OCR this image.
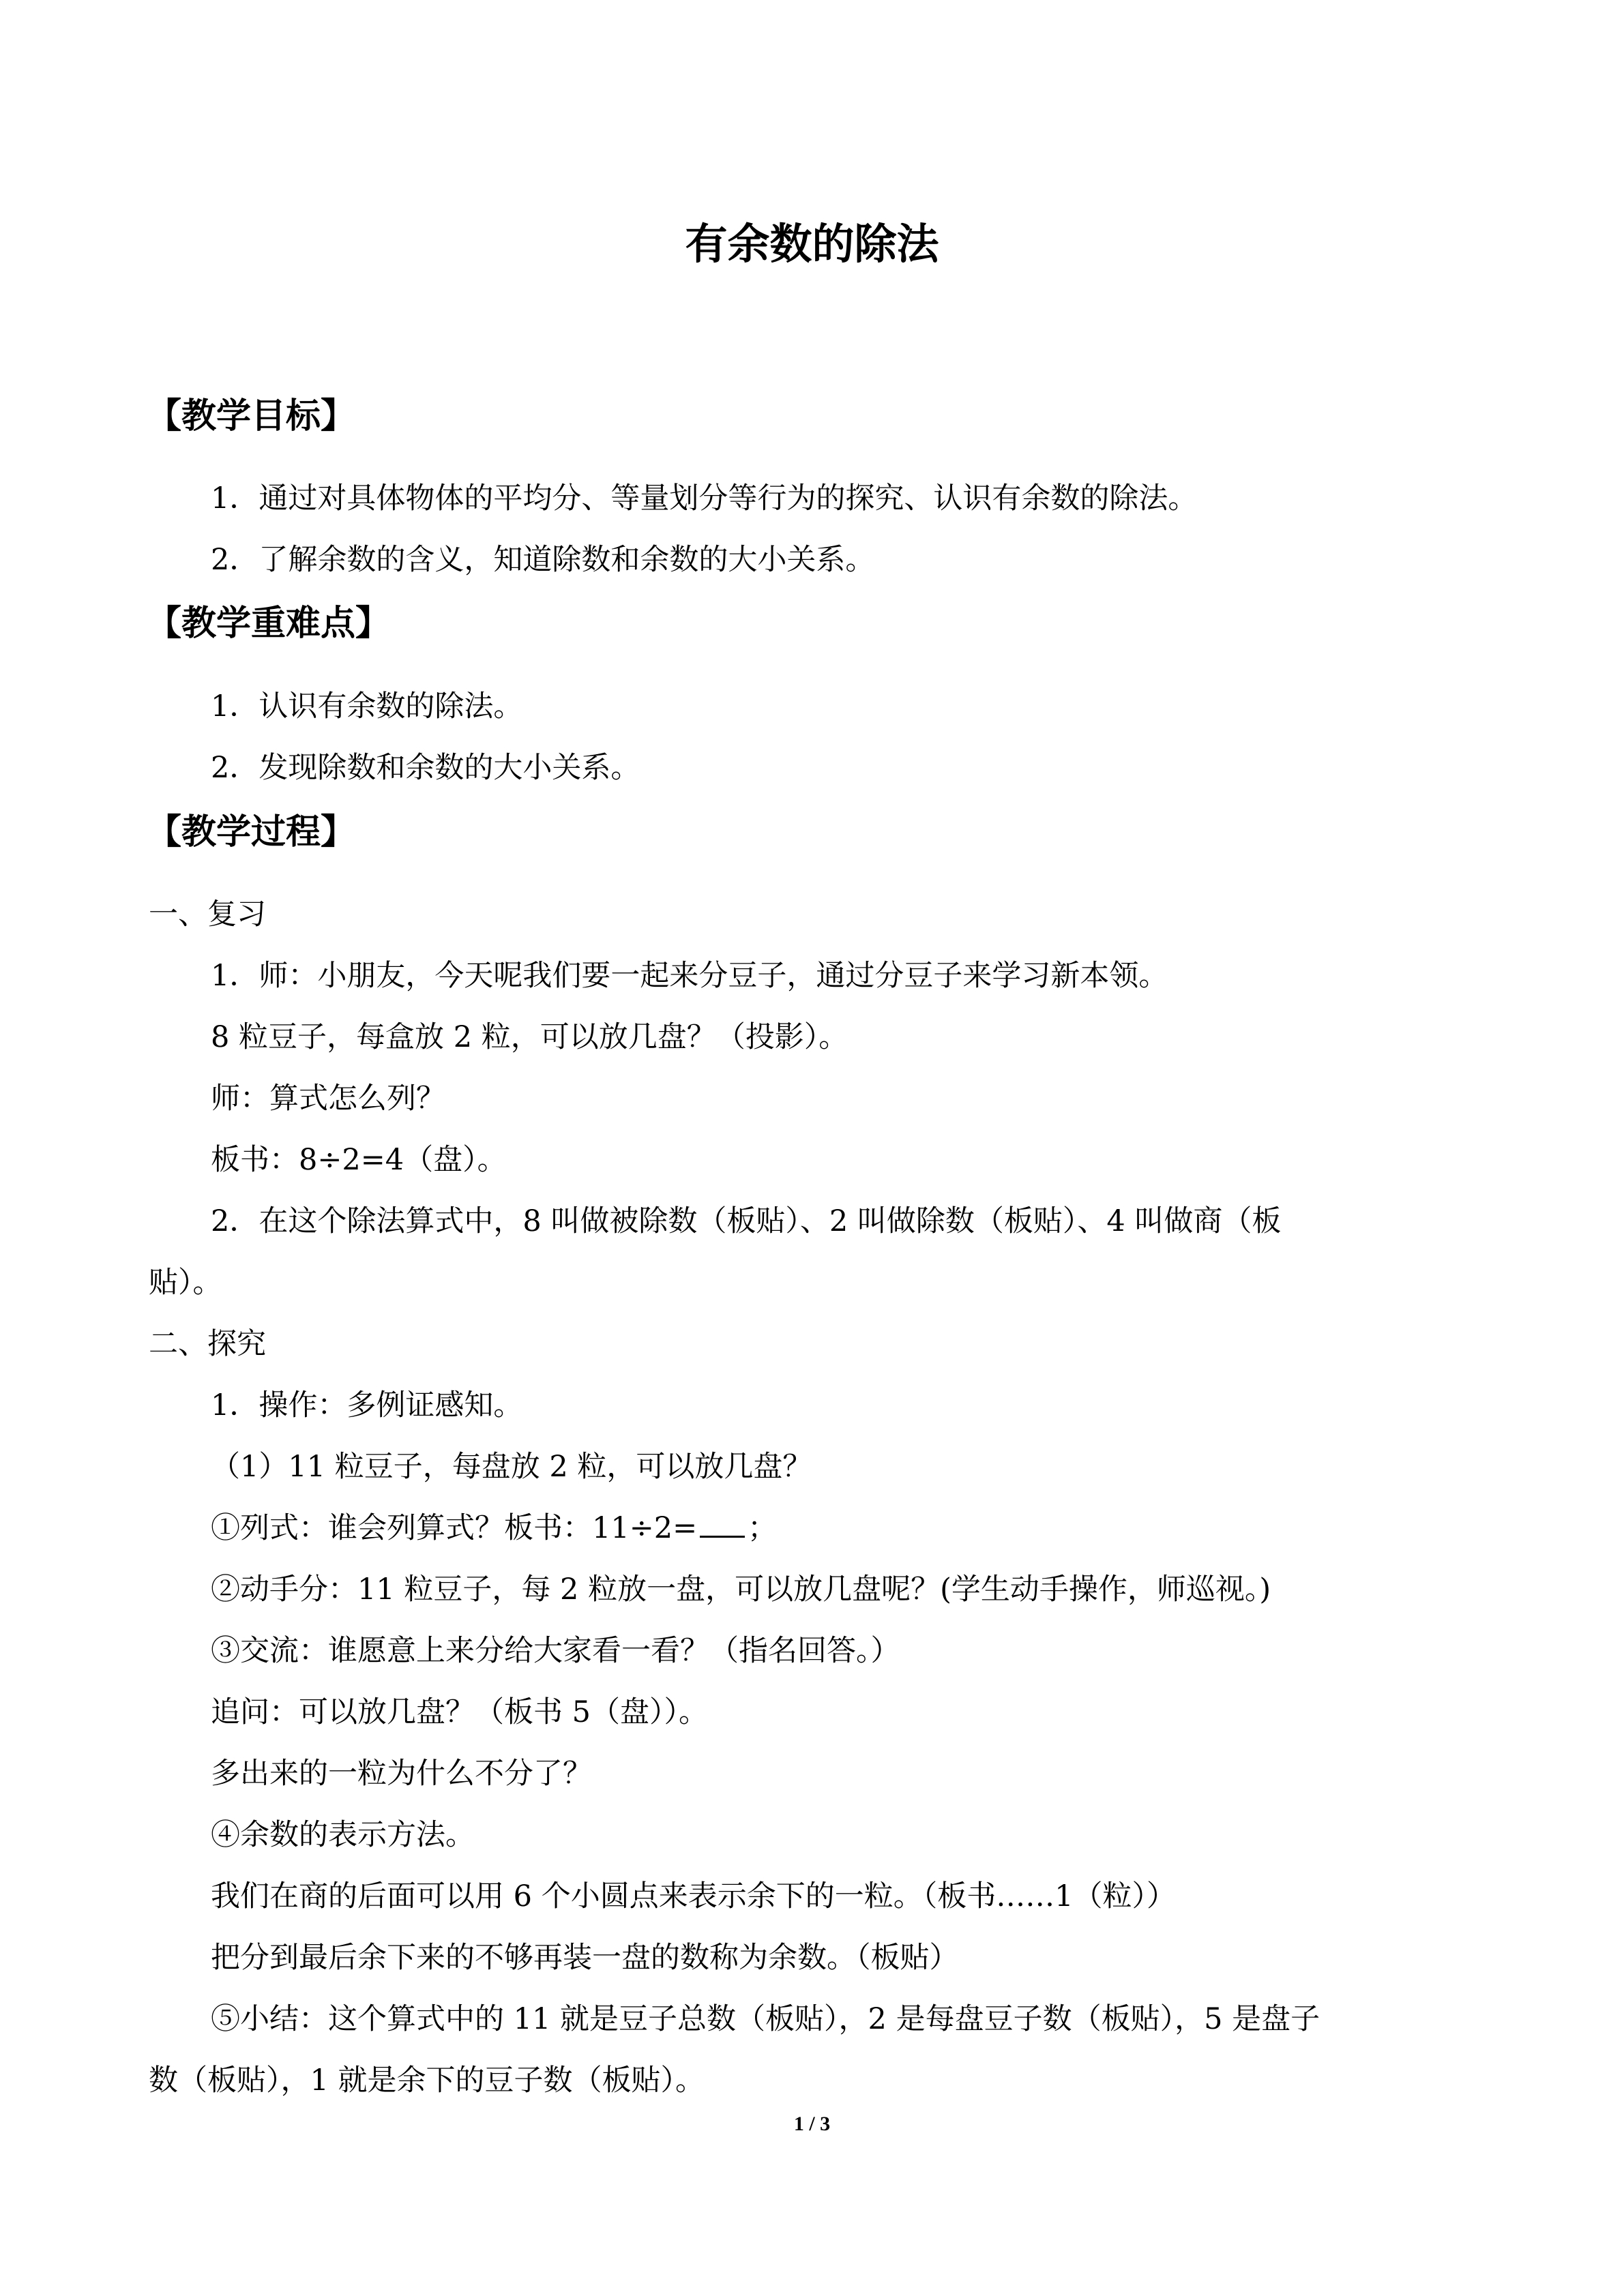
有余数的除法
【教学目标】
1．通过对具体物体的平均分、等量划分等行为的探究、认识有余数的除法。
2．了解余数的含义，知道除数和余数的大小关系。
【教学重难点】
1．认识有余数的除法。
2．发现除数和余数的大小关系。
【教学过程】
一、复习
1．师：小朋友，今天呢我们要一起来分豆子，通过分豆子来学习新本领。
8 粒豆子，每盒放 2 粒，可以放几盘？（投影）。
师：算式怎么列？
板书：8÷2=4（盘）。
2．在这个除法算式中，8 叫做被除数（板贴）、2 叫做除数（板贴）、4 叫做商（板
贴）。
二、探究
1．操作：多例证感知。
（1）11 粒豆子，每盘放 2 粒，可以放几盘？
①列式：谁会列算式？板书：11÷2= ；
②动手分：11 粒豆子，每 2 粒放一盘，可以放几盘呢？(学生动手操作，师巡视。)
③交流：谁愿意上来分给大家看一看？（指名回答。）
追问：可以放几盘？（板书 5（盘））。
多出来的一粒为什么不分了？
④余数的表示方法。
我们在商的后面可以用 6 个小圆点来表示余下的一粒。（板书……1（粒））
把分到最后余下来的不够再装一盘的数称为余数。（板贴）
⑤小结：这个算式中的 11 就是豆子总数（板贴），2 是每盘豆子数（板贴），5 是盘子
数（板贴），1 就是余下的豆子数（板贴）。
1 / 3
